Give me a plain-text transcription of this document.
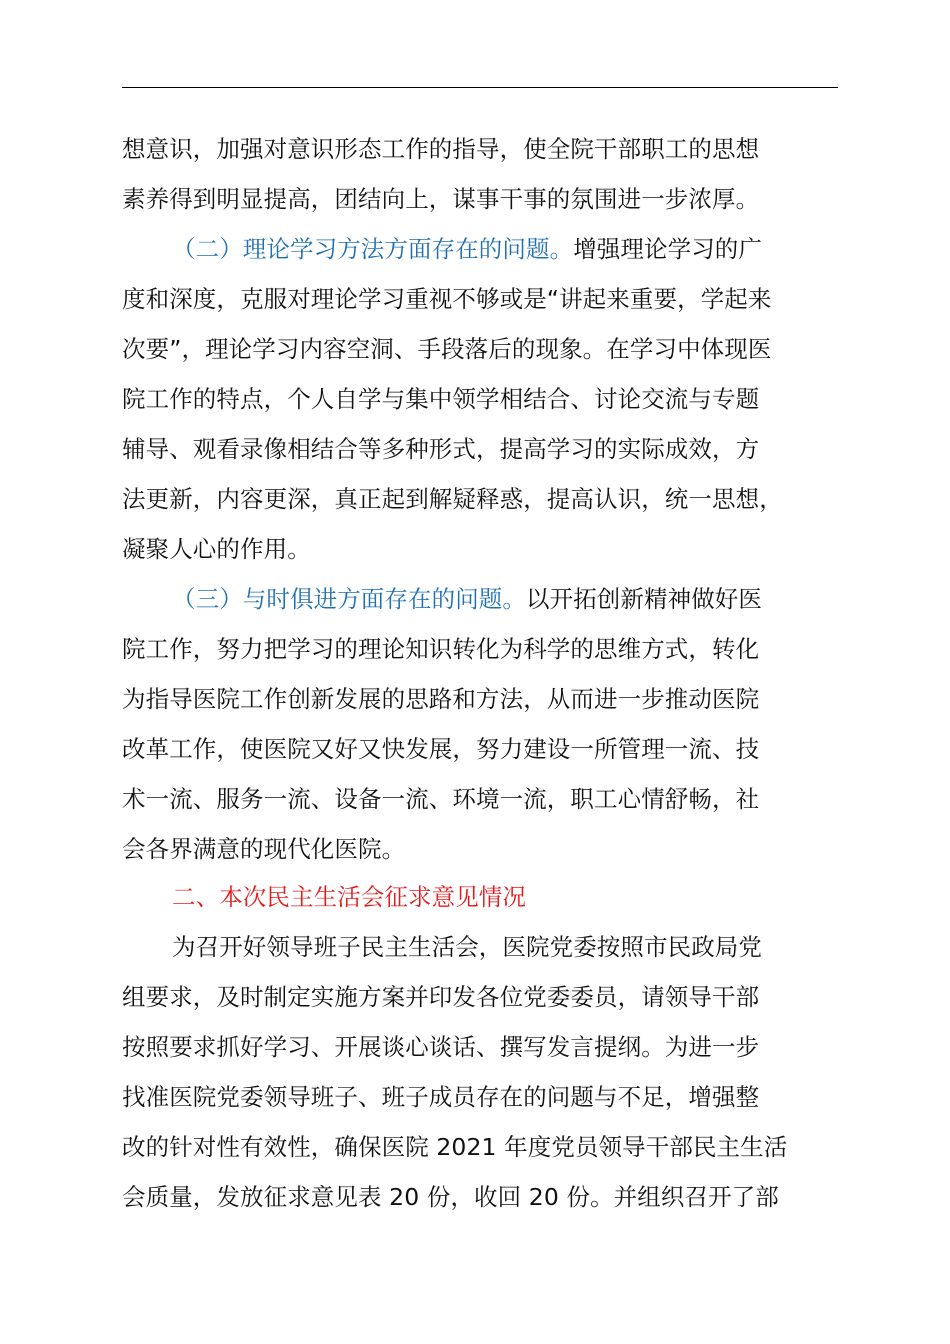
想意识，加强对意识形态工作的指导，使全院干部职工的思想
素养得到明显提高，团结向上，谋事干事的氛围进一步浓厚。
（二）理论学习方法方面存在的问题。增强理论学习的广
度和深度，克服对理论学习重视不够或是“讲起来重要，学起来
次要”，理论学习内容空洞、手段落后的现象。在学习中体现医
院工作的特点，个人自学与集中领学相结合、讨论交流与专题
辅导、观看录像相结合等多种形式，提高学习的实际成效，方
法更新，内容更深，真正起到解疑释惑，提高认识，统一思想，
凝聚人心的作用。
（三）与时俱进方面存在的问题。以开拓创新精神做好医
院工作，努力把学习的理论知识转化为科学的思维方式，转化
为指导医院工作创新发展的思路和方法，从而进一步推动医院
改革工作，使医院又好又快发展，努力建设一所管理一流、技
术一流、服务一流、设备一流、环境一流，职工心情舒畅，社
会各界满意的现代化医院。
二、本次民主生活会征求意见情况
为召开好领导班子民主生活会，医院党委按照市民政局党
组要求，及时制定实施方案并印发各位党委委员，请领导干部
按照要求抓好学习、开展谈心谈话、撰写发言提纲。为进一步
找准医院党委领导班子、班子成员存在的问题与不足，增强整
改的针对性有效性，确保医院 2021 年度党员领导干部民主生活
会质量，发放征求意见表 20 份，收回 20 份。并组织召开了部
